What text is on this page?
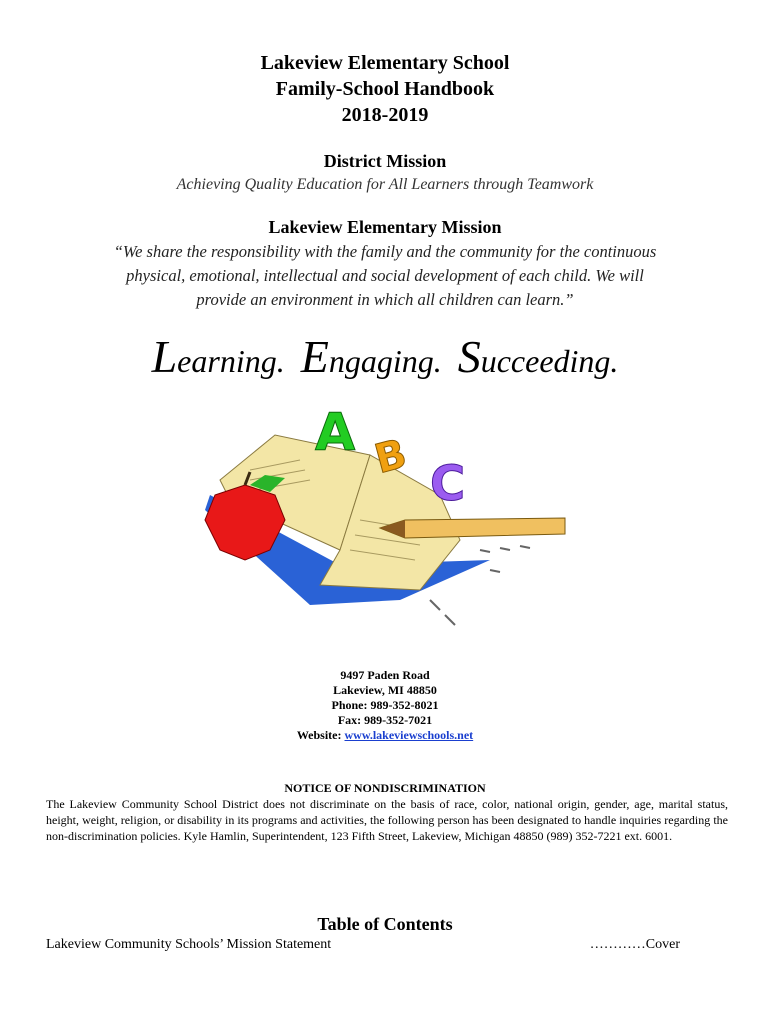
Lakeview Elementary School
Family-School Handbook
2018-2019
District Mission
Achieving Quality Education for All Learners through Teamwork
Lakeview Elementary Mission
“We share the responsibility with the family and the community for the continuous physical, emotional, intellectual and social development of each child. We will provide an environment in which all children can learn.”
Learning. Engaging. Succeeding.
A B C
9497 Paden Road
Lakeview, MI 48850
Phone: 989-352-8021
Fax: 989-352-7021
Website: www.lakeviewschools.net
NOTICE OF NONDISCRIMINATION
The Lakeview Community School District does not discriminate on the basis of race, color, national origin, gender, age, marital status, height, weight, religion, or disability in its programs and activities, the following person has been designated to handle inquiries regarding the non-discrimination policies. Kyle Hamlin, Superintendent, 123 Fifth Street, Lakeview, Michigan 48850 (989) 352-7221 ext. 6001.
Table of Contents
Lakeview Community Schools’ Mission Statement	…………Cover
